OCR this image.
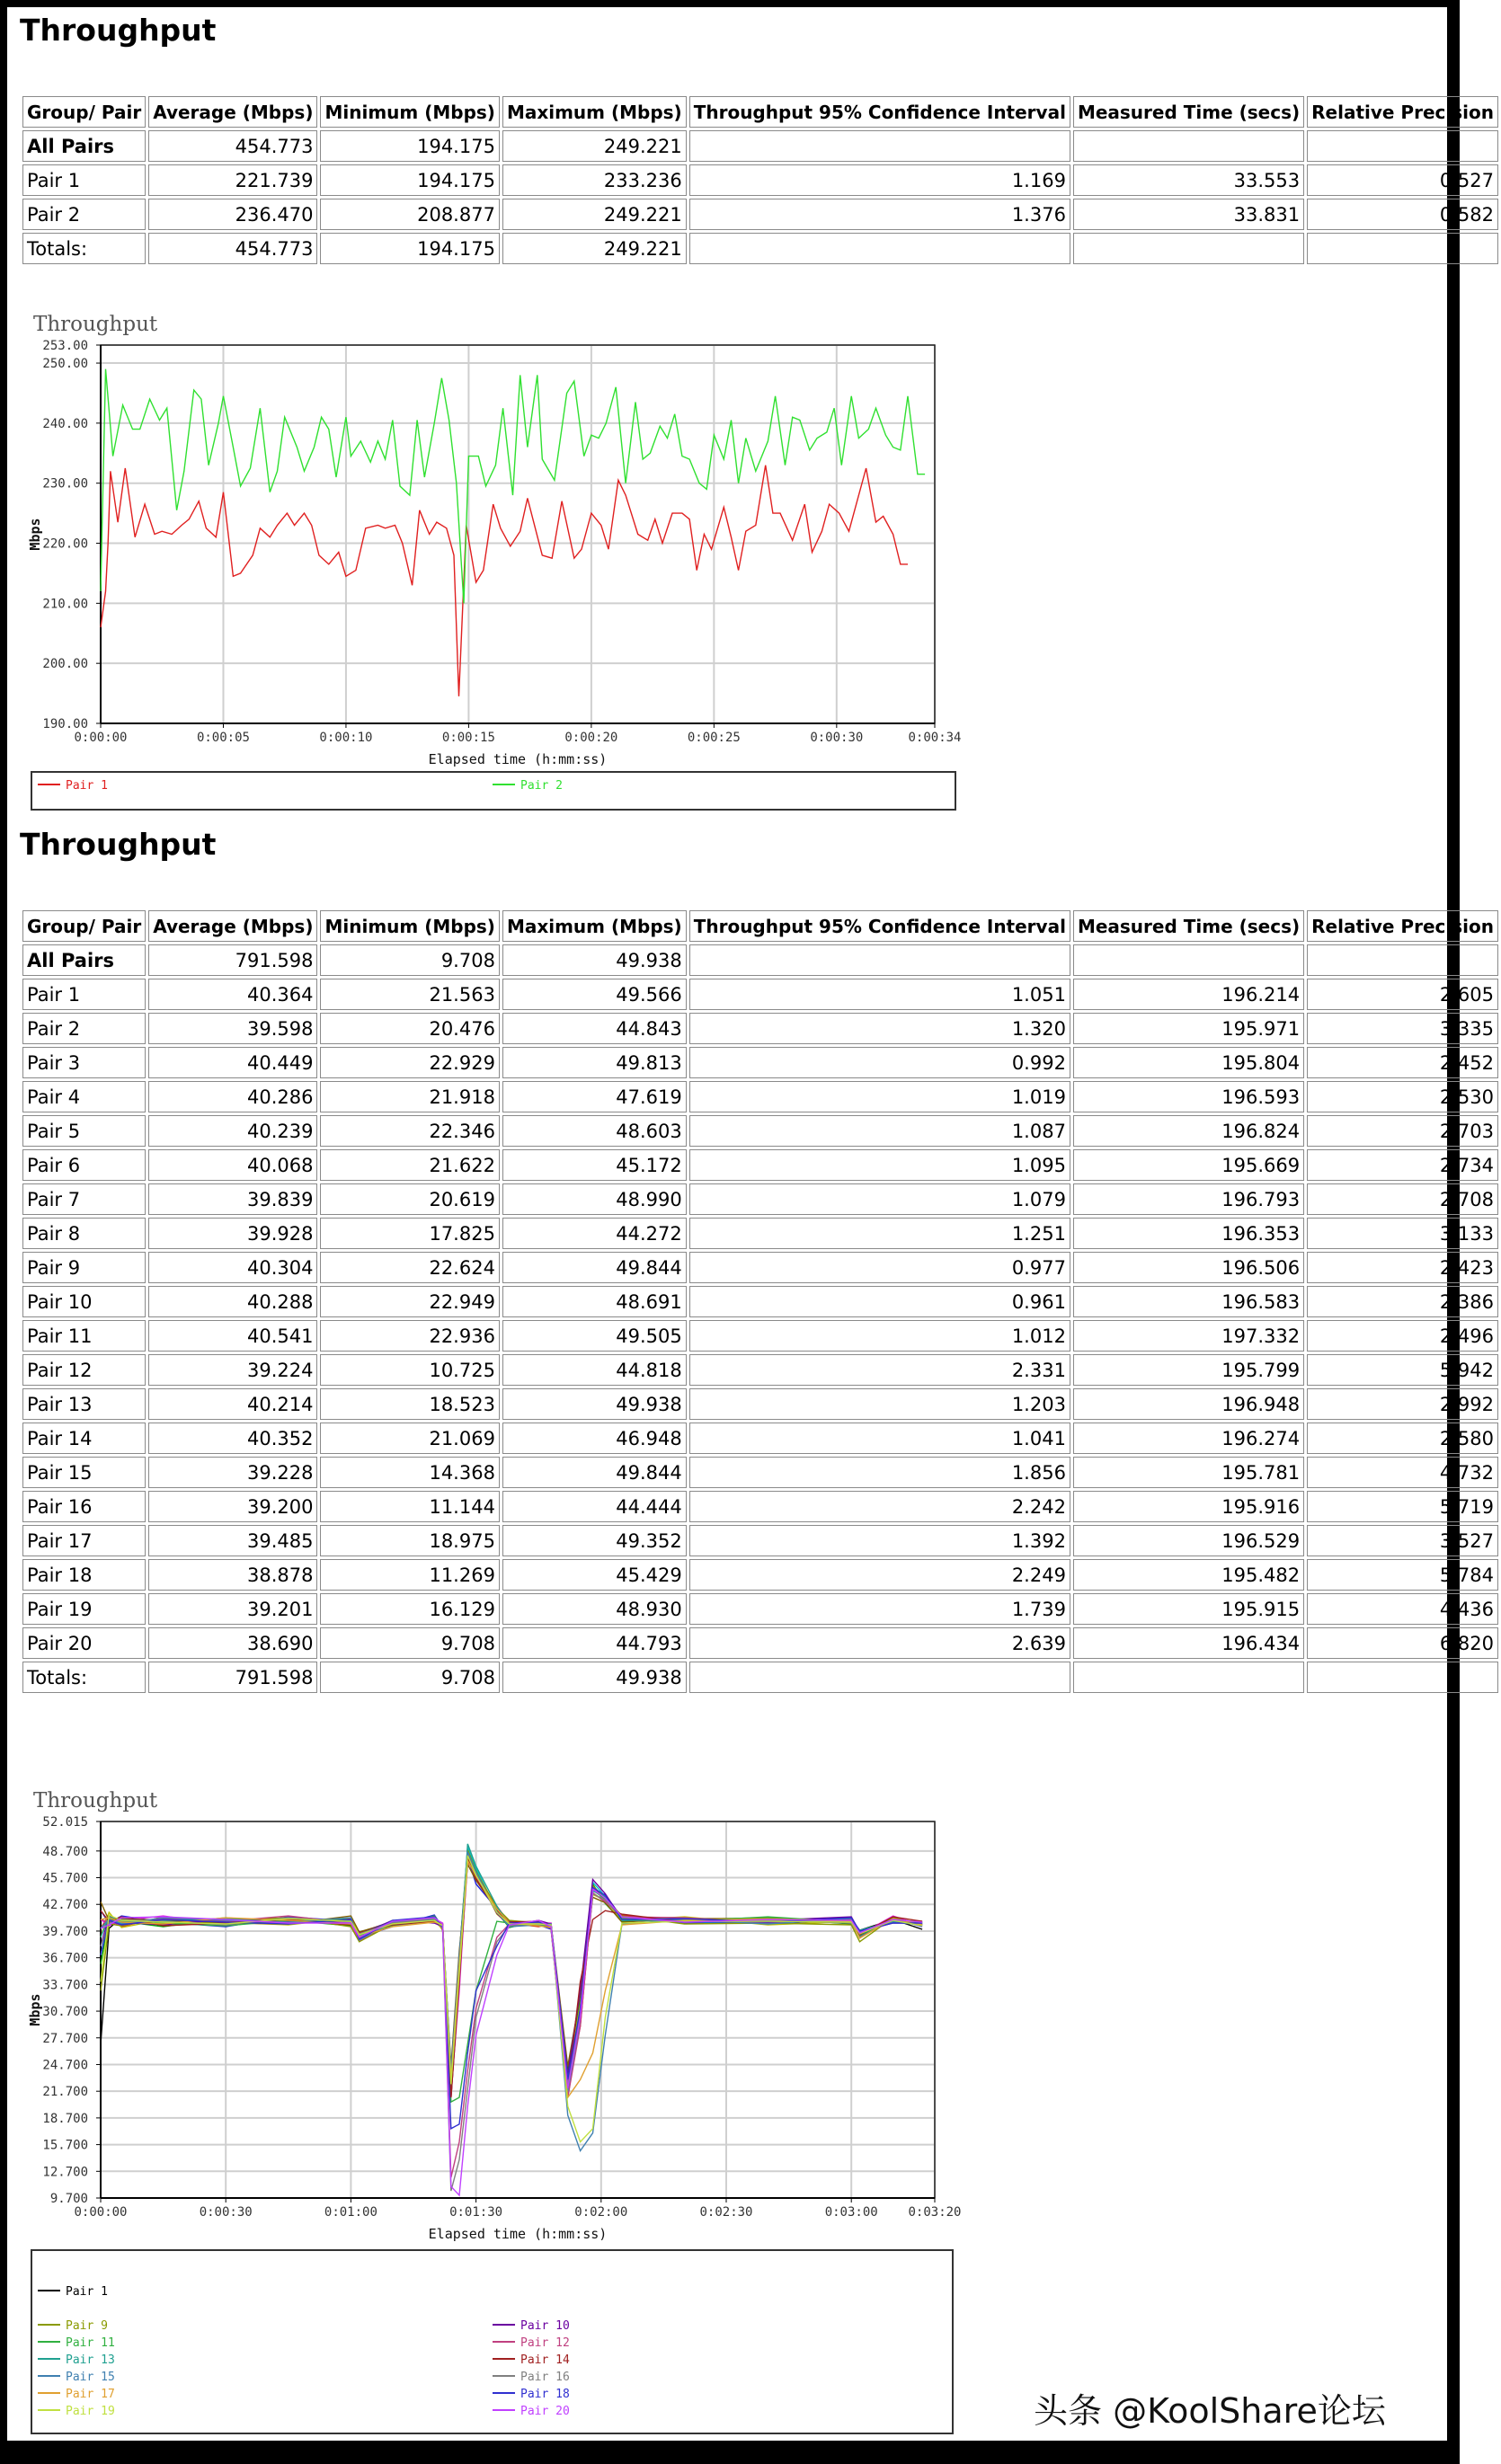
Throughput
Group/ Pair	Average (Mbps)	Minimum (Mbps)	Maximum (Mbps)	Throughput 95% Confidence Interval	Measured Time (secs)	Relative Precision
All Pairs	454.773	194.175	249.221			
Pair 1	221.739	194.175	233.236	1.169	33.553	0.527
Pair 2	236.470	208.877	249.221	1.376	33.831	0.582
Totals:	454.773	194.175	249.221			
Throughput
190.00
200.00
210.00
220.00
230.00
240.00
250.00
253.00
0:00:00	0:00:05	0:00:10	0:00:15	0:00:20	0:00:25	0:00:30	0:00:34
Mbps
Elapsed time (h:mm:ss)
Pair 1	Pair 2
Throughput
Group/ Pair	Average (Mbps)	Minimum (Mbps)	Maximum (Mbps)	Throughput 95% Confidence Interval	Measured Time (secs)	Relative Precision
All Pairs	791.598	9.708	49.938			
Pair 1	40.364	21.563	49.566	1.051	196.214	2.605
Pair 2	39.598	20.476	44.843	1.320	195.971	3.335
Pair 3	40.449	22.929	49.813	0.992	195.804	2.452
Pair 4	40.286	21.918	47.619	1.019	196.593	2.530
Pair 5	40.239	22.346	48.603	1.087	196.824	2.703
Pair 6	40.068	21.622	45.172	1.095	195.669	2.734
Pair 7	39.839	20.619	48.990	1.079	196.793	2.708
Pair 8	39.928	17.825	44.272	1.251	196.353	3.133
Pair 9	40.304	22.624	49.844	0.977	196.506	2.423
Pair 10	40.288	22.949	48.691	0.961	196.583	2.386
Pair 11	40.541	22.936	49.505	1.012	197.332	2.496
Pair 12	39.224	10.725	44.818	2.331	195.799	5.942
Pair 13	40.214	18.523	49.938	1.203	196.948	2.992
Pair 14	40.352	21.069	46.948	1.041	196.274	2.580
Pair 15	39.228	14.368	49.844	1.856	195.781	4.732
Pair 16	39.200	11.144	44.444	2.242	195.916	5.719
Pair 17	39.485	18.975	49.352	1.392	196.529	3.527
Pair 18	38.878	11.269	45.429	2.249	195.482	5.784
Pair 19	39.201	16.129	48.930	1.739	195.915	4.436
Pair 20	38.690	9.708	44.793	2.639	196.434	6.820
Totals:	791.598	9.708	49.938			
Throughput
9.700
12.700
15.700
18.700
21.700
24.700
27.700
30.700
33.700
36.700
39.700
42.700
45.700
48.700
52.015
0:00:00	0:00:30	0:01:00	0:01:30	0:02:00	0:02:30	0:03:00 0:03:20
Mbps
Elapsed time (h:mm:ss)
Pair 1
Pair 9	Pair 10
Pair 11	Pair 12
Pair 13	Pair 14
Pair 15	Pair 16
Pair 17	Pair 18
Pair 19	Pair 20	头条 @KoolShare论坛
